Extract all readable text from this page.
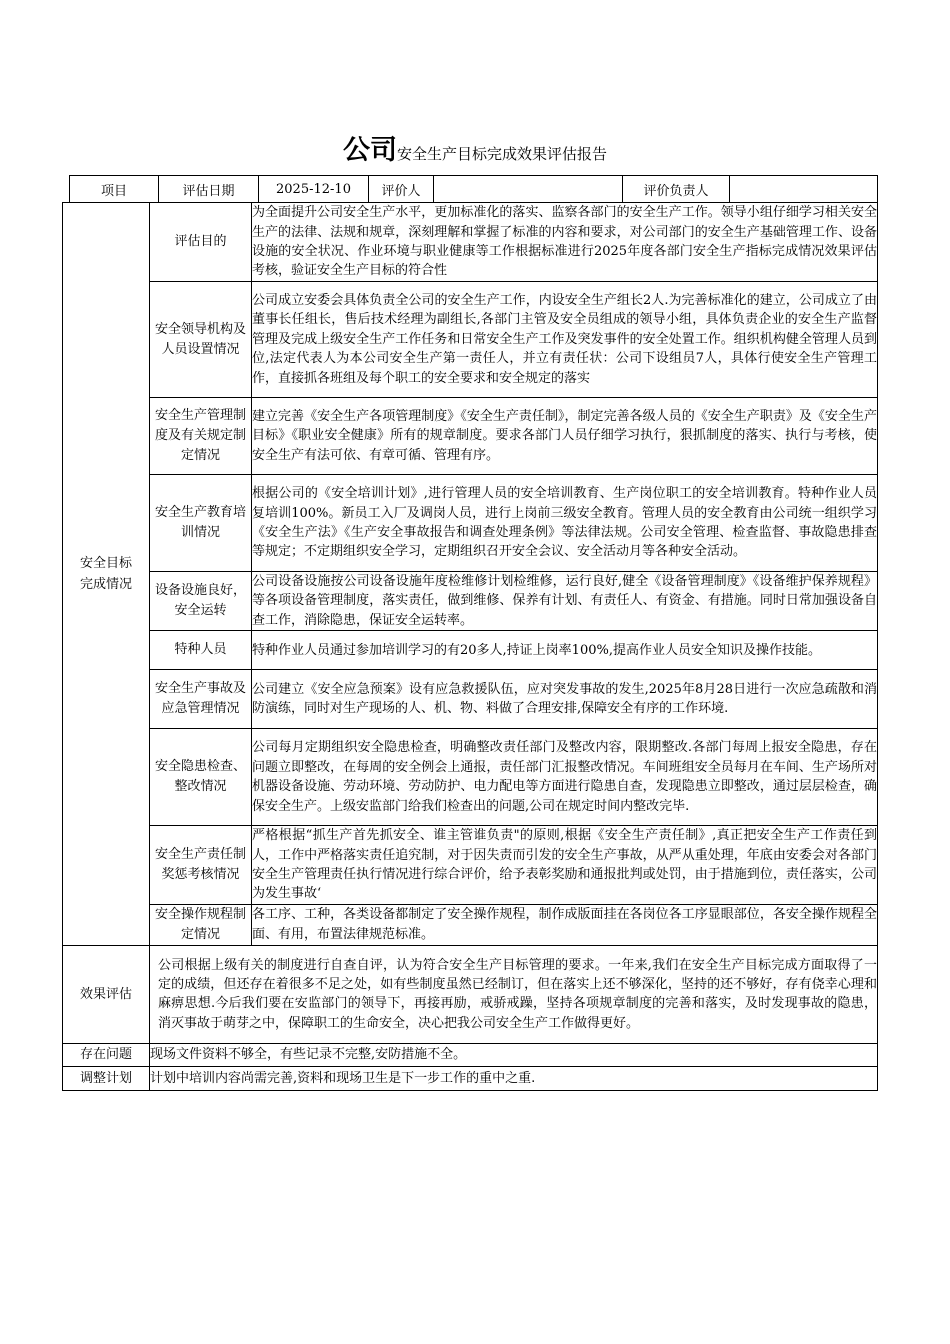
公司安全生产目标完成效果评估报告
项目	评估日期	2025-12-10	评价人		评价负责人	
安全目标完成情况	评估目的	为全面提升公司安全生产水平，更加标准化的落实、监察各部门的安全生产工作。领导小组仔细学习相关安全生产的法律、法规和规章，深刻理解和掌握了标准的内容和要求，对公司部门的安全生产基础管理工作、设备设施的安全状况、作业环境与职业健康等工作根据标准进行2025年度各部门安全生产指标完成情况效果评估考核，验证安全生产目标的符合性
	安全领导机构及人员设置情况	公司成立安委会具体负责全公司的安全生产工作，内设安全生产组长2人.为完善标准化的建立，公司成立了由董事长任组长，售后技术经理为副组长,各部门主管及安全员组成的领导小组，具体负责企业的安全生产监督管理及完成上级安全生产工作任务和日常安全生产工作及突发事件的安全处置工作。组织机构健全管理人员到位,法定代表人为本公司安全生产第一责任人，并立有责任状：公司下设组员7人，具体行使安全生产管理工作，直接抓各班组及每个职工的安全要求和安全规定的落实
	安全生产管理制度及有关规定制定情况	建立完善《安全生产各项管理制度》《安全生产责任制》，制定完善各级人员的《安全生产职责》及《安全生产目标》《职业安全健康》所有的规章制度。要求各部门人员仔细学习执行，狠抓制度的落实、执行与考核，使安全生产有法可依、有章可循、管理有序。
	安全生产教育培训情况	根据公司的《安全培训计划》,进行管理人员的安全培训教育、生产岗位职工的安全培训教育。特种作业人员复培训100%。新员工入厂及调岗人员，进行上岗前三级安全教育。管理人员的安全教育由公司统一组织学习《安全生产法》《生产安全事故报告和调查处理条例》等法律法规。公司安全管理、检查监督、事故隐患排查等规定；不定期组织安全学习，定期组织召开安全会议、安全活动月等各种安全活动。
	设备设施良好，安全运转	公司设备设施按公司设备设施年度检维修计划检维修，运行良好,健全《设备管理制度》《设备维护保养规程》等各项设备管理制度，落实责任，做到维修、保养有计划、有责任人、有资金、有措施。同时日常加强设备自查工作，消除隐患，保证安全运转率。
	特种人员	特种作业人员通过参加培训学习的有20多人,持证上岗率100%,提高作业人员安全知识及操作技能。
	安全生产事故及应急管理情况	公司建立《安全应急预案》设有应急救援队伍，应对突发事故的发生,2025年8月28日进行一次应急疏散和消防演练，同时对生产现场的人、机、物、料做了合理安排,保障安全有序的工作环境.
	安全隐患检查、整改情况	公司每月定期组织安全隐患检查，明确整改责任部门及整改内容，限期整改.各部门每周上报安全隐患，存在问题立即整改，在每周的安全例会上通报，责任部门汇报整改情况。车间班组安全员每月在车间、生产场所对机器设备设施、劳动环境、劳动防护、电力配电等方面进行隐患自查，发现隐患立即整改，通过层层检查，确保安全生产。上级安监部门给我们检查出的问题,公司在规定时间内整改完毕.
	安全生产责任制奖惩考核情况	严格根据“抓生产首先抓安全、谁主管谁负责"的原则,根据《安全生产责任制》,真正把安全生产工作责任到人，工作中严格落实责任追究制，对于因失责而引发的安全生产事故，从严从重处理，年底由安委会对各部门安全生产管理责任执行情况进行综合评价，给予表彰奖励和通报批判或处罚，由于措施到位，责任落实，公司为发生事故‘
	安全操作规程制定情况	各工序、工种，各类设备都制定了安全操作规程，制作成版面挂在各岗位各工序显眼部位，各安全操作规程全面、有用，布置法律规范标准。
效果评估	公司根据上级有关的制度进行自查自评，认为符合安全生产目标管理的要求。一年来,我们在安全生产目标完成方面取得了一定的成绩，但还存在着很多不足之处，如有些制度虽然已经制订，但在落实上还不够深化，坚持的还不够好，存有侥幸心理和麻痹思想.今后我们要在安监部门的领导下，再接再励，戒骄戒躁，坚持各项规章制度的完善和落实，及时发现事故的隐患，消灭事故于萌芽之中，保障职工的生命安全，决心把我公司安全生产工作做得更好。	
存在问题	现场文件资料不够全，有些记录不完整,安防措施不全。	
调整计划	计划中培训内容尚需完善,资料和现场卫生是下一步工作的重中之重.	
